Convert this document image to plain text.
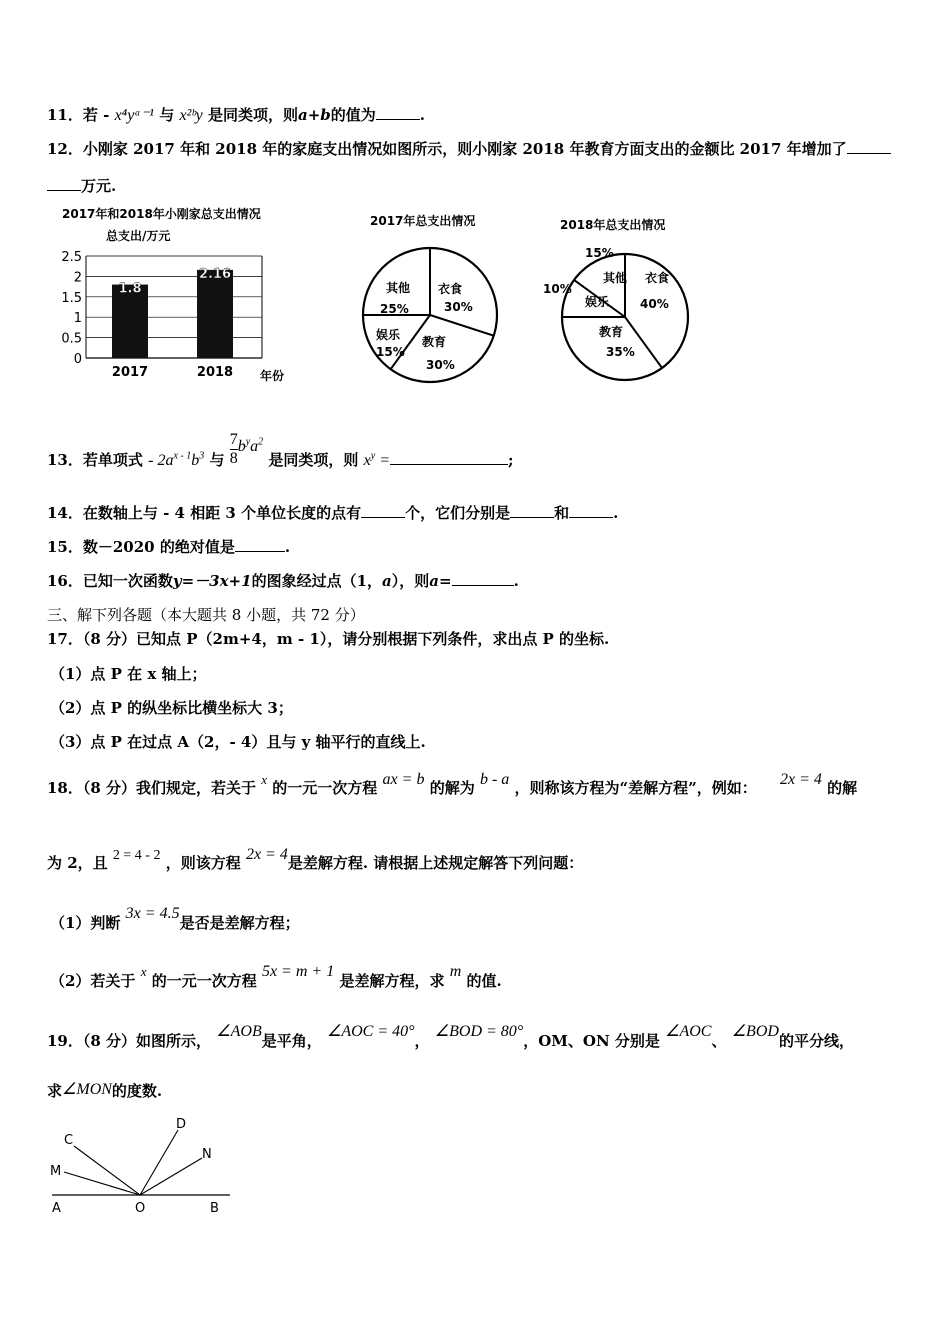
11．若 - x⁴yᵃ⁻¹ 与 x²ᵇy 是同类项，则a+b的值为	.
12．小刚家 2017 年和 2018 年的家庭支出情况如图所示，则小刚家 2018 年教育方面支出的金额比 2017 年增加了
万元.
2017年和2018年小刚家总支出情况
总支出/万元
年份
2.5
2
1.5
1
0.5
0
1.8
2.16
2017	2018
2017年总支出情况
衣食
30%
教育
30%
娱乐
15%
其他
25%
2018年总支出情况
衣食
40%
教育
35%
娱乐
10%
其他
15%
13．若单项式 - $2a^{x - 1}b^3$ 与 $\frac{7}{8} b^ya^2$ 是同类项，则 $x^y$ =	;
14．在数轴上与 - 4 相距 3 个单位长度的点有	个，它们分别是	和	.
15．数－2020 的绝对值是	.
16．已知一次函数y=－3x+1的图象经过点（1，a），则a=	.
三、解下列各题（本大题共 8 小题，共 72 分）
17．（8 分）已知点 P（2m+4，m - 1），请分别根据下列条件，求出点 P 的坐标.
（1）点 P 在 x 轴上；
（2）点 P 的纵坐标比横坐标大 3；
（3）点 P 在过点 A（2，- 4）且与 y 轴平行的直线上.
18．（8 分）我们规定，若关于 x 的一元一次方程 ax = b 的解为 b - a ，则称该方程为“差解方程”，例如： 2x = 4 的解
为 2，且 2 = 4 - 2 ，则该方程 2x = 4是差解方程. 请根据上述规定解答下列问题：
（1）判断 3x = 4.5是否是差解方程；
（2）若关于 x 的一元一次方程 5x = m + 1 是差解方程，求 m 的值.
19．（8 分）如图所示， ∠AOB是平角， ∠AOC = 40°， ∠BOD = 80°，OM、ON 分别是 ∠AOC、 ∠BOD的平分线，
求∠MON的度数.
C
M
D
N
A	O	B
